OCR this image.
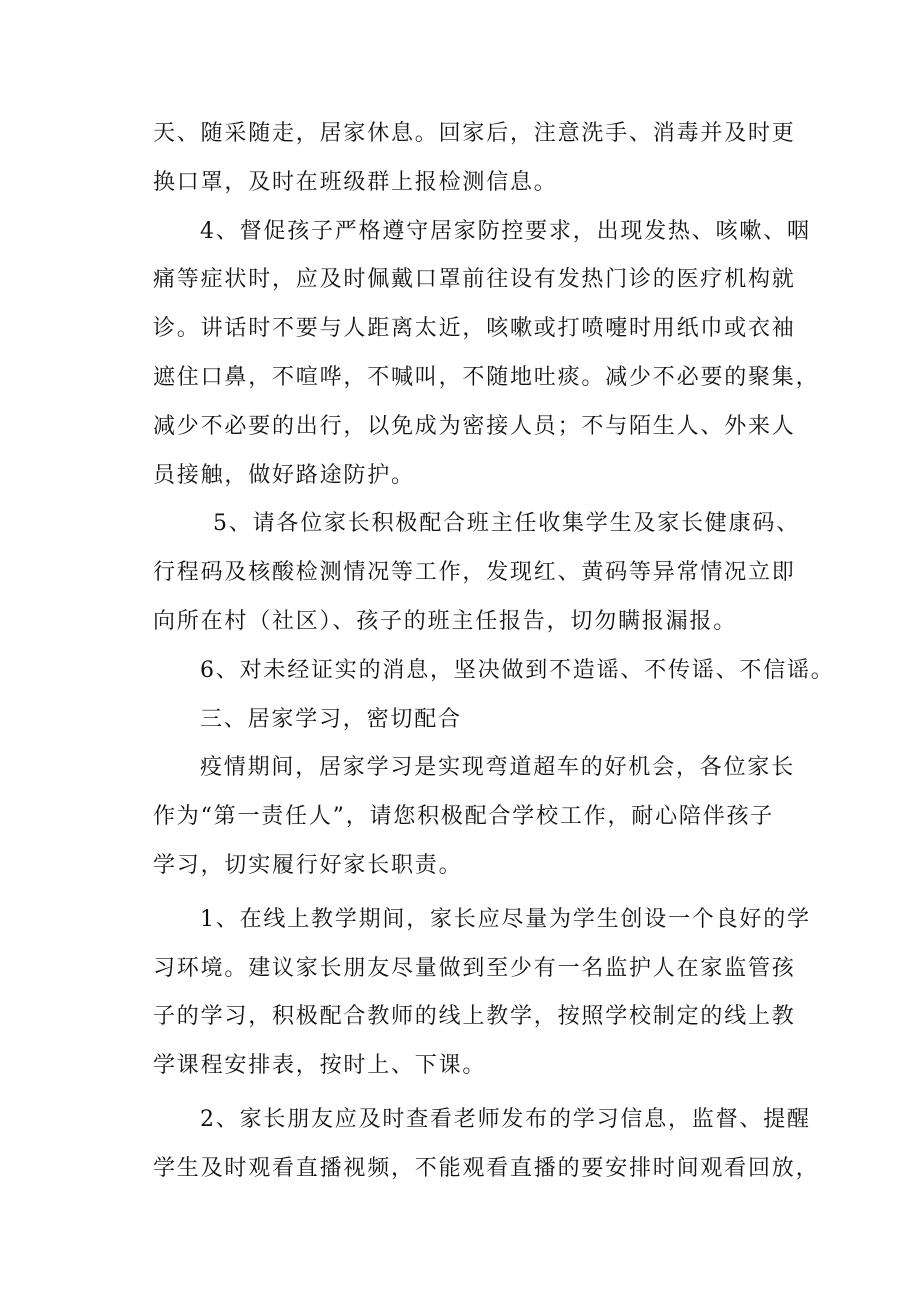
天、随采随走，居家休息。回家后，注意洗手、消毒并及时更
换口罩，及时在班级群上报检测信息。
4、督促孩子严格遵守居家防控要求，出现发热、咳嗽、咽
痛等症状时，应及时佩戴口罩前往设有发热门诊的医疗机构就
诊。讲话时不要与人距离太近，咳嗽或打喷嚏时用纸巾或衣袖
遮住口鼻，不喧哗，不喊叫，不随地吐痰。减少不必要的聚集，
减少不必要的出行，以免成为密接人员；不与陌生人、外来人
员接触，做好路途防护。
5、请各位家长积极配合班主任收集学生及家长健康码、
行程码及核酸检测情况等工作，发现红、黄码等异常情况立即
向所在村（社区）、孩子的班主任报告，切勿瞒报漏报。
6、对未经证实的消息，坚决做到不造谣、不传谣、不信谣。
三、居家学习，密切配合
疫情期间，居家学习是实现弯道超车的好机会，各位家长
作为“第一责任人”，请您积极配合学校工作，耐心陪伴孩子
学习，切实履行好家长职责。
1、在线上教学期间，家长应尽量为学生创设一个良好的学
习环境。建议家长朋友尽量做到至少有一名监护人在家监管孩
子的学习，积极配合教师的线上教学，按照学校制定的线上教
学课程安排表，按时上、下课。
2、家长朋友应及时查看老师发布的学习信息，监督、提醒
学生及时观看直播视频，不能观看直播的要安排时间观看回放，
